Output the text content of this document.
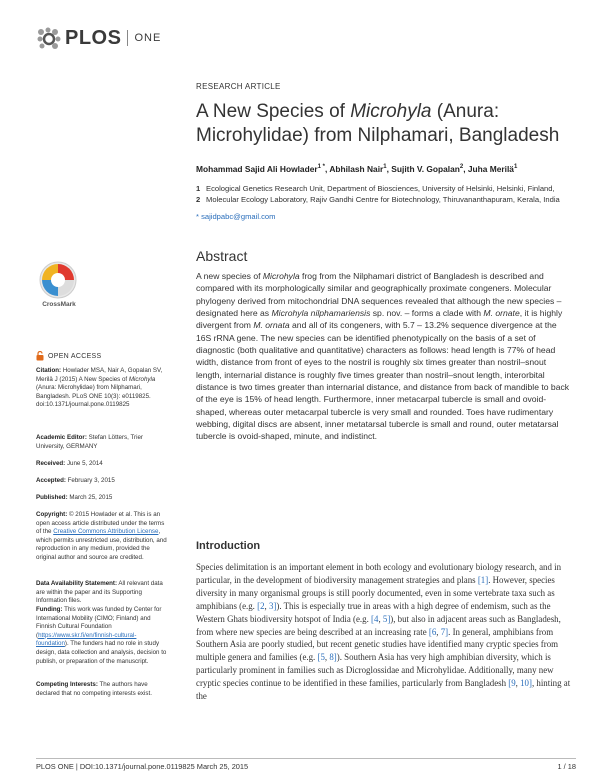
PLOS ONE
RESEARCH ARTICLE
A New Species of Microhyla (Anura: Microhylidae) from Nilphamari, Bangladesh
Mohammad Sajid Ali Howlader$^{1 *}$, Abhilash Nair$^1$, Sujith V. Gopalan$^2$, Juha Merilä$^1$
1 Ecological Genetics Research Unit, Department of Biosciences, University of Helsinki, Helsinki, Finland,
2 Molecular Ecology Laboratory, Rajiv Gandhi Centre for Biotechnology, Thiruvananthapuram, Kerala, India
* sajidpabc@gmail.com
Abstract
A new species of Microhyla frog from the Nilphamari district of Bangladesh is described and compared with its morphologically similar and geographically proximate congeners. Molecular phylogeny derived from mitochondrial DNA sequences revealed that although the new species – designated here as Microhyla nilphamariensis sp. nov. – forms a clade with M. ornate, it is highly divergent from M. ornata and all of its congeners, with 5.7 – 13.2% sequence divergence at the 16S rRNA gene. The new species can be identified phenotypically on the basis of a set of diagnostic (both qualitative and quantitative) characters as follows: head length is 77% of head width, distance from front of eyes to the nostril is roughly six times greater than nostril–snout length, internarial distance is roughly five times greater than nostril–snout length, interorbital distance is two times greater than internarial distance, and distance from back of mandible to back of the eye is 15% of head length. Furthermore, inner metacarpal tubercle is small and ovoid-shaped, whereas outer metacarpal tubercle is very small and rounded. Toes have rudimentary webbing, digital discs are absent, inner metatarsal tubercle is small and round, outer metatarsal tubercle is ovoid-shaped, minute, and indistinct.
CrossMark
OPEN ACCESS
Citation: Howlader MSA, Nair A, Gopalan SV, Merilä J (2015) A New Species of Microhyla (Anura: Microhylidae) from Nilphamari, Bangladesh. PLoS ONE 10(3): e0119825. doi:10.1371/journal.pone.0119825
Academic Editor: Stefan Lötters, Trier University, GERMANY
Received: June 5, 2014
Accepted: February 3, 2015
Published: March 25, 2015
Copyright: © 2015 Howlader et al. This is an open access article distributed under the terms of the Creative Commons Attribution License, which permits unrestricted use, distribution, and reproduction in any medium, provided the original author and source are credited.
Data Availability Statement: All relevant data are within the paper and its Supporting Information files.
Funding: This work was funded by Center for International Mobility (CIMO; Finland) and Finnish Cultural Foundation (https://www.skr.fi/en/finnish-cultural-foundation). The funders had no role in study design, data collection and analysis, decision to publish, or preparation of the manuscript.
Competing Interests: The authors have declared that no competing interests exist.
Introduction
Species delimitation is an important element in both ecology and evolutionary biology research, and in particular, in the development of biodiversity management strategies and plans [1]. However, species diversity in many organismal groups is still poorly documented, even in some vertebrate taxa such as amphibians (e.g. [2, 3]). This is especially true in areas with a high degree of endemism, such as the Western Ghats biodiversity hotspot of India (e.g. [4, 5]), but also in adjacent areas such as Bangladesh, from where new species are being described at an increasing rate [6, 7]. In general, amphibians from Southern Asia are poorly studied, but recent genetic studies have identified many cryptic species from multiple genera and families (e.g. [5, 8]). Southern Asia has very high amphibian diversity, which is particularly prominent in families such as Dicroglossidae and Microhylidae. Additionally, many new cryptic species continue to be identified in these families, particularly from Bangladesh [9, 10], hinting at the
PLOS ONE | DOI:10.1371/journal.pone.0119825 March 25, 2015	1 / 18
